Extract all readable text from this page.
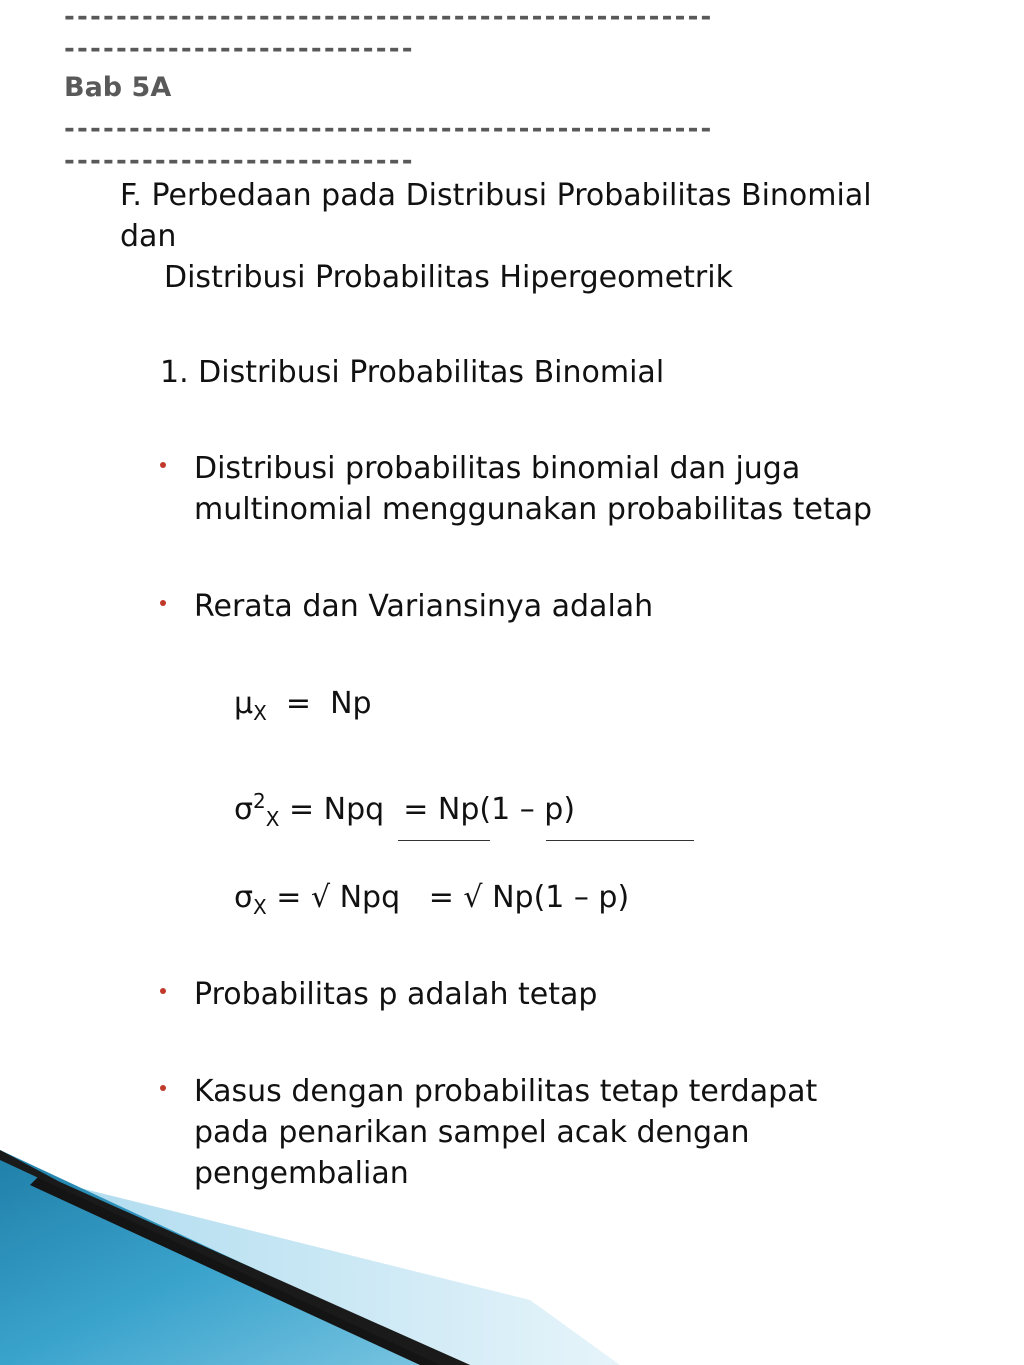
--------------------------------------------------
---------------------------
Bab 5A
--------------------------------------------------
---------------------------
F. Perbedaan pada Distribusi Probabilitas Binomial
dan
Distribusi Probabilitas Hipergeometrik
1. Distribusi Probabilitas Binomial
Distribusi probabilitas binomial dan juga
multinomial menggunakan probabilitas tetap
Rerata dan Variansinya adalah
$\mu_X = Np$
$\sigma^2_X$ = Npq  = Np(1 – p)
$\sigma_X$ = √ Npq   = √ Np(1 – p)
Probabilitas p adalah tetap
Kasus dengan probabilitas tetap terdapat
pada penarikan sampel acak dengan
pengembalian
